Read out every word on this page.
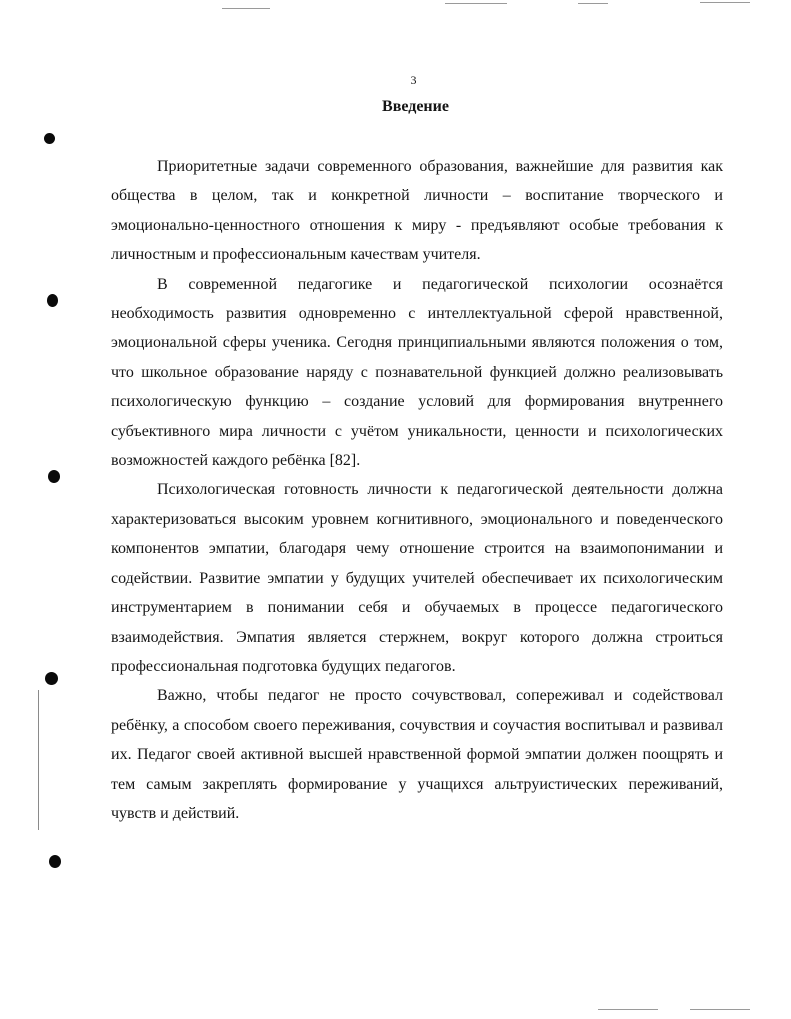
3
Введение

Приоритетные задачи современного образования, важнейшие для развития как общества в целом, так и конкретной личности – воспитание творческого и эмоционально-ценностного отношения к миру - предъявляют особые требования к личностным и профессиональным качествам учителя.

В современной педагогике и педагогической психологии осознаётся необходимость развития одновременно с интеллектуальной сферой нравственной, эмоциональной сферы ученика. Сегодня принципиальными являются положения о том, что школьное образование наряду с познавательной функцией должно реализовывать психологическую функцию – создание условий для формирования внутреннего субъективного мира личности с учётом уникальности, ценности и психологических возможностей каждого ребёнка [82].

Психологическая готовность личности к педагогической деятельности должна характеризоваться высоким уровнем когнитивного, эмоционального и поведенческого компонентов эмпатии, благодаря чему отношение строится на взаимопонимании и содействии. Развитие эмпатии у будущих учителей обеспечивает их психологическим инструментарием в понимании себя и обучаемых в процессе педагогического взаимодействия. Эмпатия является стержнем, вокруг которого должна строиться профессиональная подготовка будущих педагогов.

Важно, чтобы педагог не просто сочувствовал, сопереживал и содействовал ребёнку, а способом своего переживания, сочувствия и соучастия воспитывал и развивал их. Педагог своей активной высшей нравственной формой эмпатии должен поощрять и тем самым закреплять формирование у учащихся альтруистических переживаний, чувств и действий.
